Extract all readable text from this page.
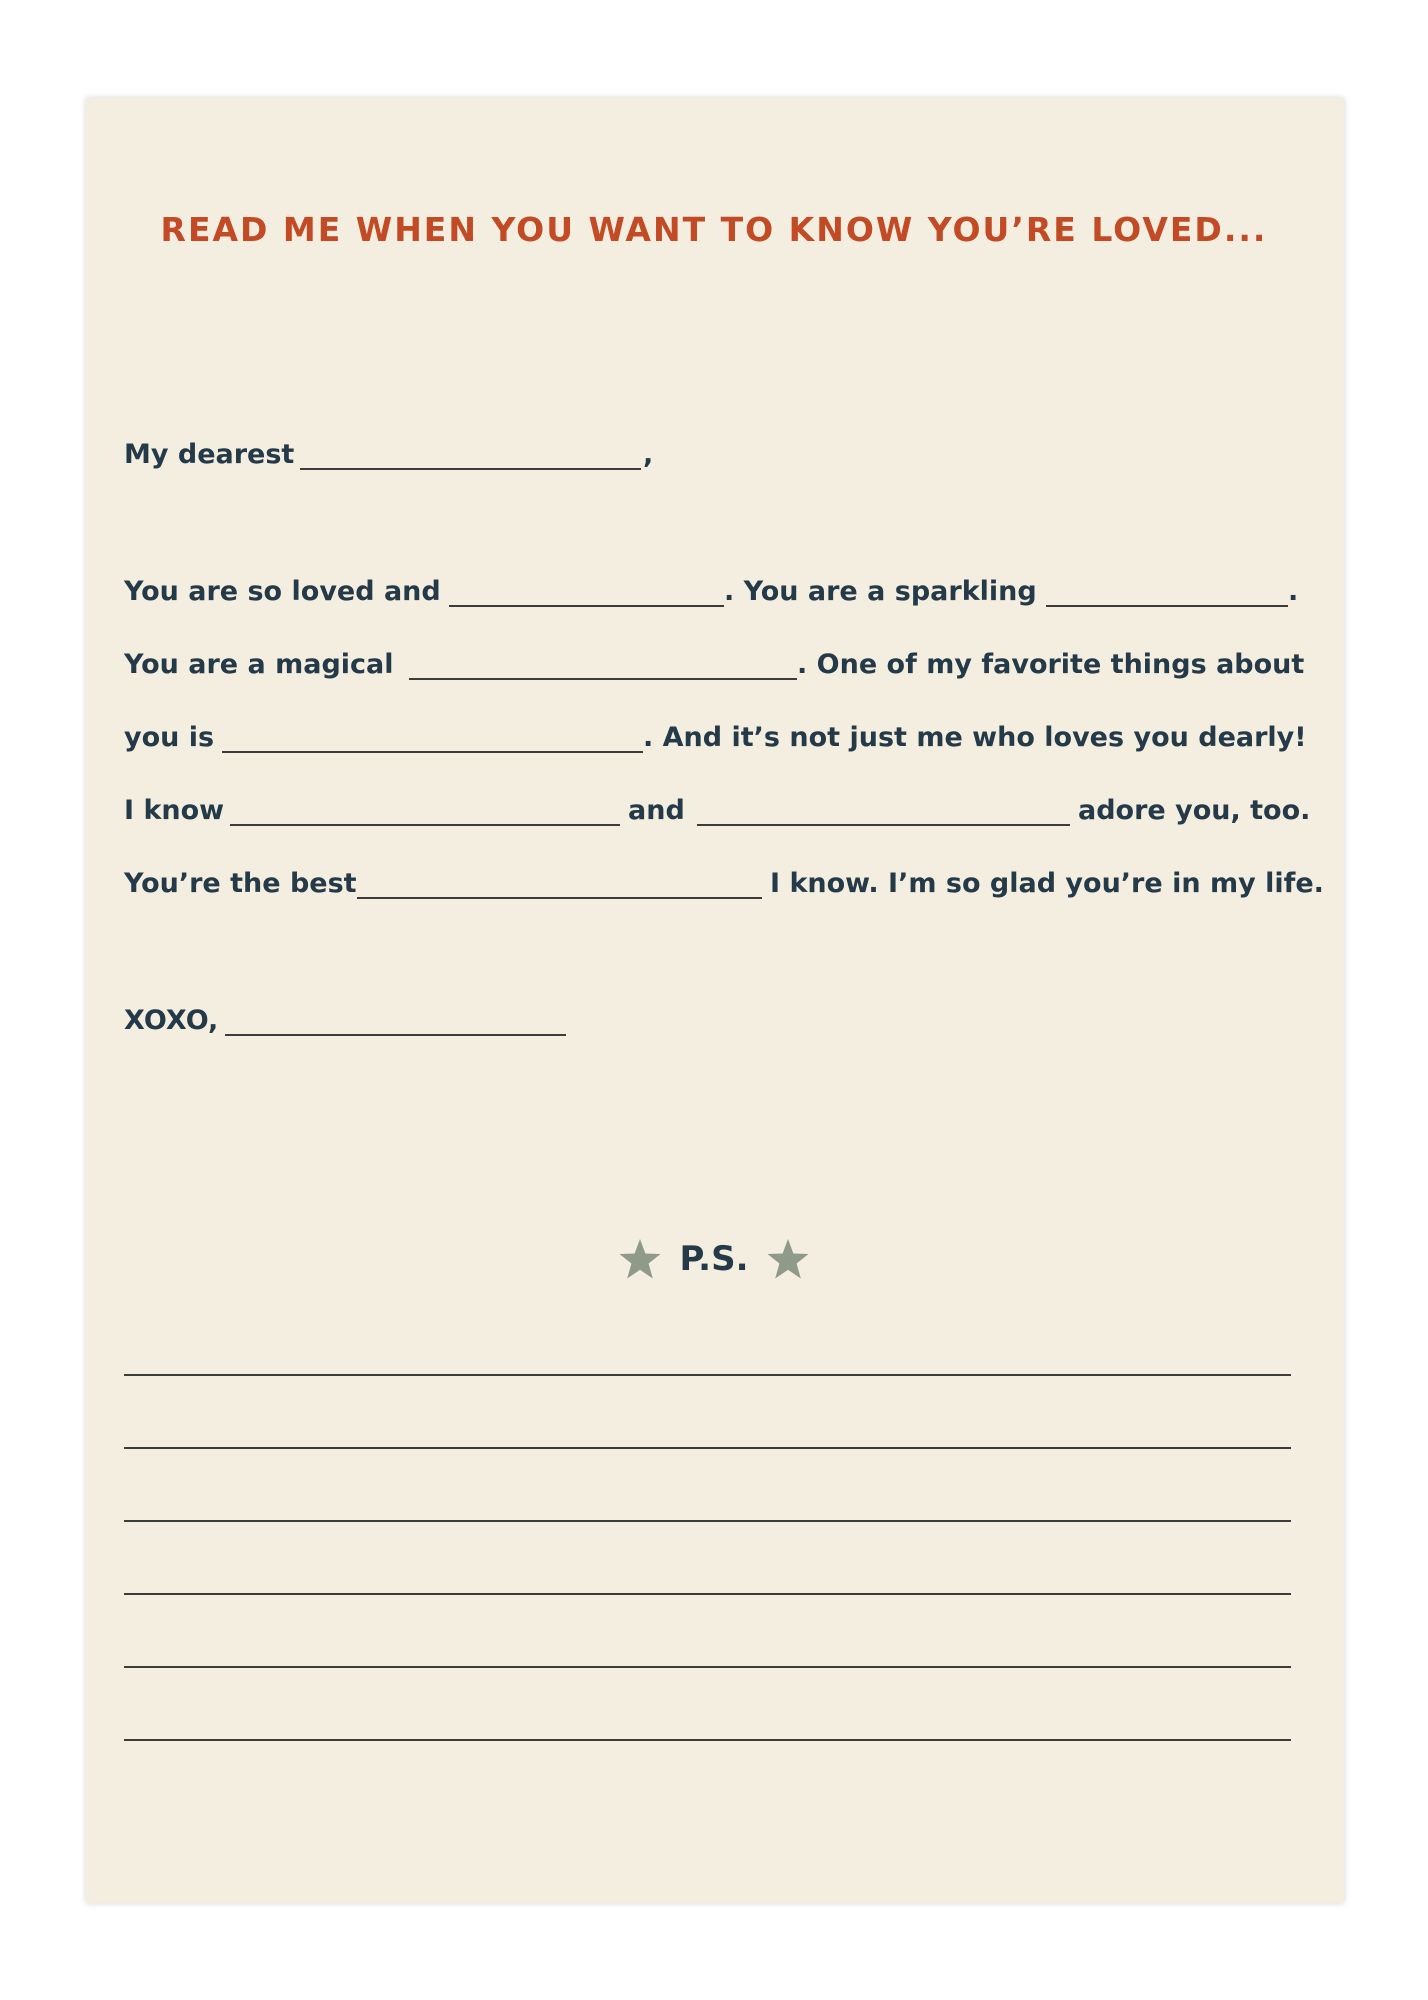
READ ME WHEN YOU WANT TO KNOW YOU’RE LOVED...
My dearest	,
You are so loved and	. You are a sparkling	.
You are a magical	. One of my favorite things about
you is	. And it’s not just me who loves you dearly!
I know	and	adore you, too.
You’re the best	I know. I’m so glad you’re in my life.
XOXO,
P.S.
